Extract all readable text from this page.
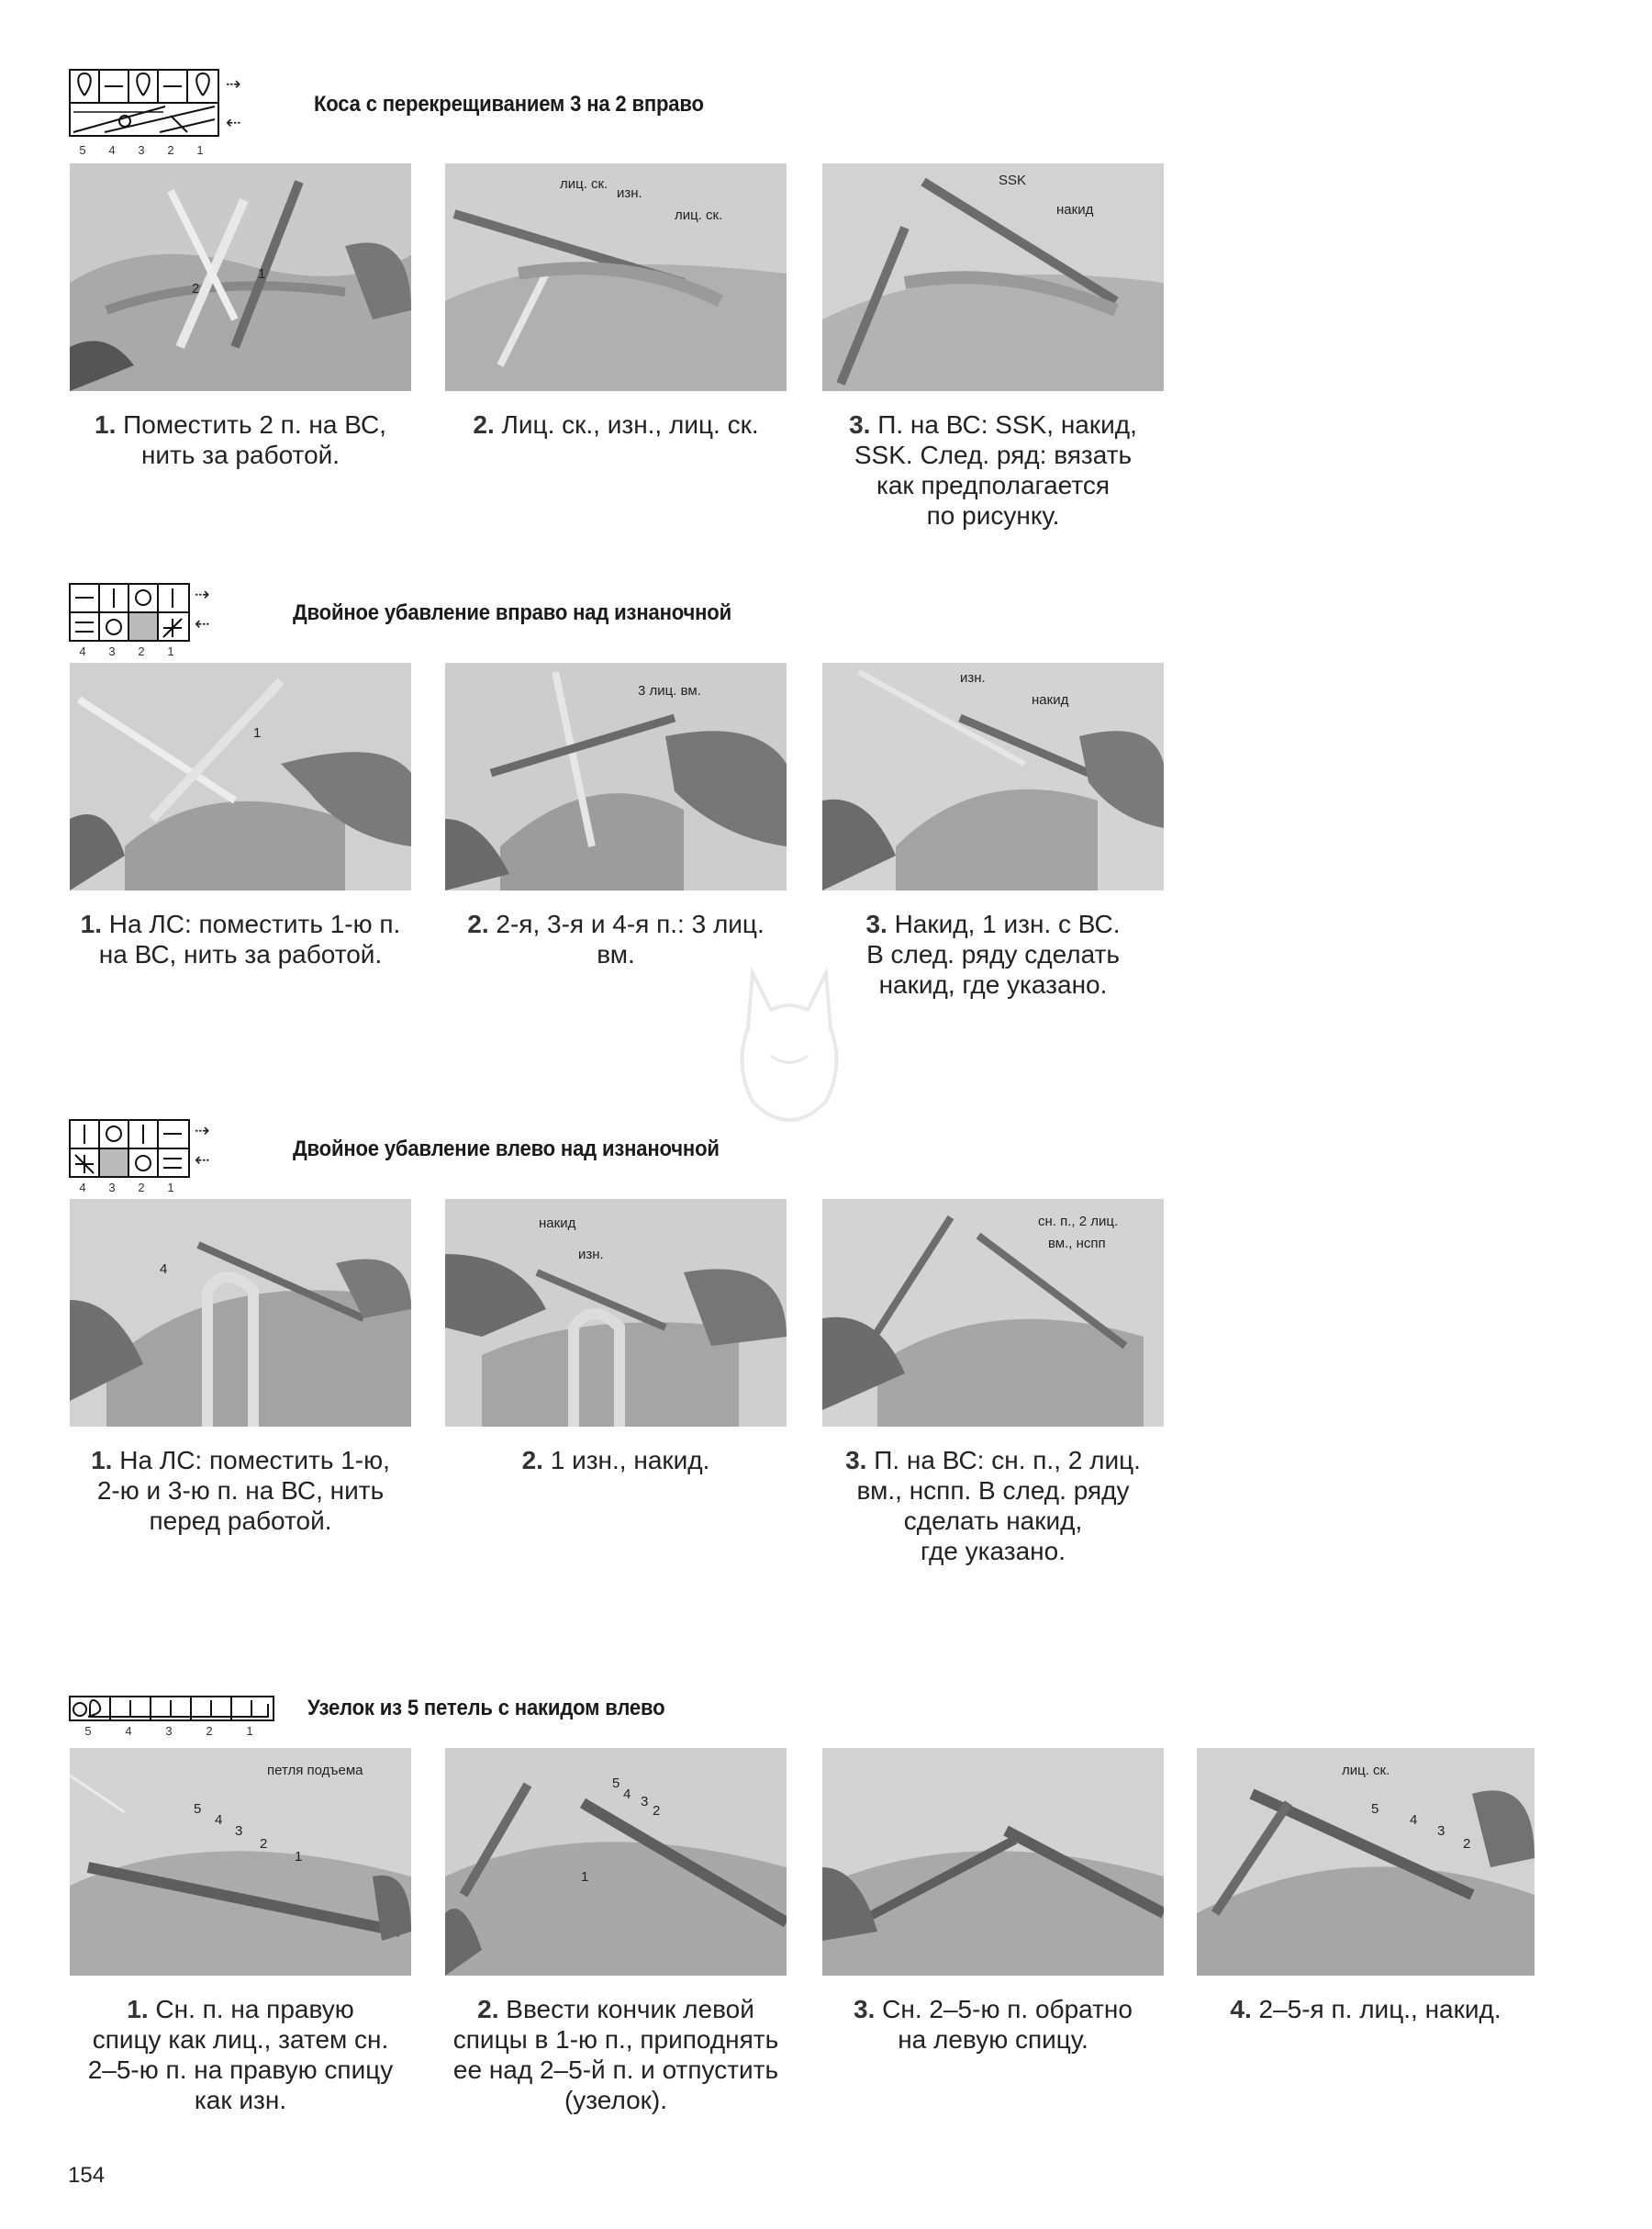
5	4	3	2	1
⇢
⇠
Коса с перекрещиванием 3 на 2 вправо
1
2
лиц. ск.
изн.
лиц. ск.
SSK
накид
1. Поместить 2 п. на ВС,
нить за работой.
2. Лиц. ск., изн., лиц. ск.	3. П. на ВС: SSK, накид,
SSK. След. ряд: вязать
как предполагается
по рисунку.
4	3	2	1
⇢
⇠	Двойное убавление вправо над изнаночной
1
3 лиц. вм.
изн.
накид
1. На ЛС: поместить 1-ю п.
на ВС, нить за работой.
2. 2-я, 3-я и 4-я п.: 3 лиц.
вм.
3. Накид, 1 изн. с ВС.
В след. ряду сделать
накид, где указано.
4	3	2	1
⇢
⇠	Двойное убавление влево над изнаночной
4
накид
изн.
сн. п., 2 лиц.
вм., нспп
1. На ЛС: поместить 1-ю,
2-ю и 3-ю п. на ВС, нить
перед работой.
2. 1 изн., накид.	3. П. на ВС: сн. п., 2 лиц.
вм., нспп. В след. ряду
сделать накид,
где указано.
5	4	3	2	1
Узелок из 5 петель с накидом влево
петля подъема
5
4
3
2
1
5
4 3
2
1
лиц. ск.
5
4
3
2
1. Сн. п. на правую
спицу как лиц., затем сн.
2–5-ю п. на правую спицу
как изн.
2. Ввести кончик левой
спицы в 1-ю п., приподнять
ее над 2–5-й п. и отпустить
(узелок).
3. Сн. 2–5-ю п. обратно
на левую спицу.
4. 2–5-я п. лиц., накид.
154
